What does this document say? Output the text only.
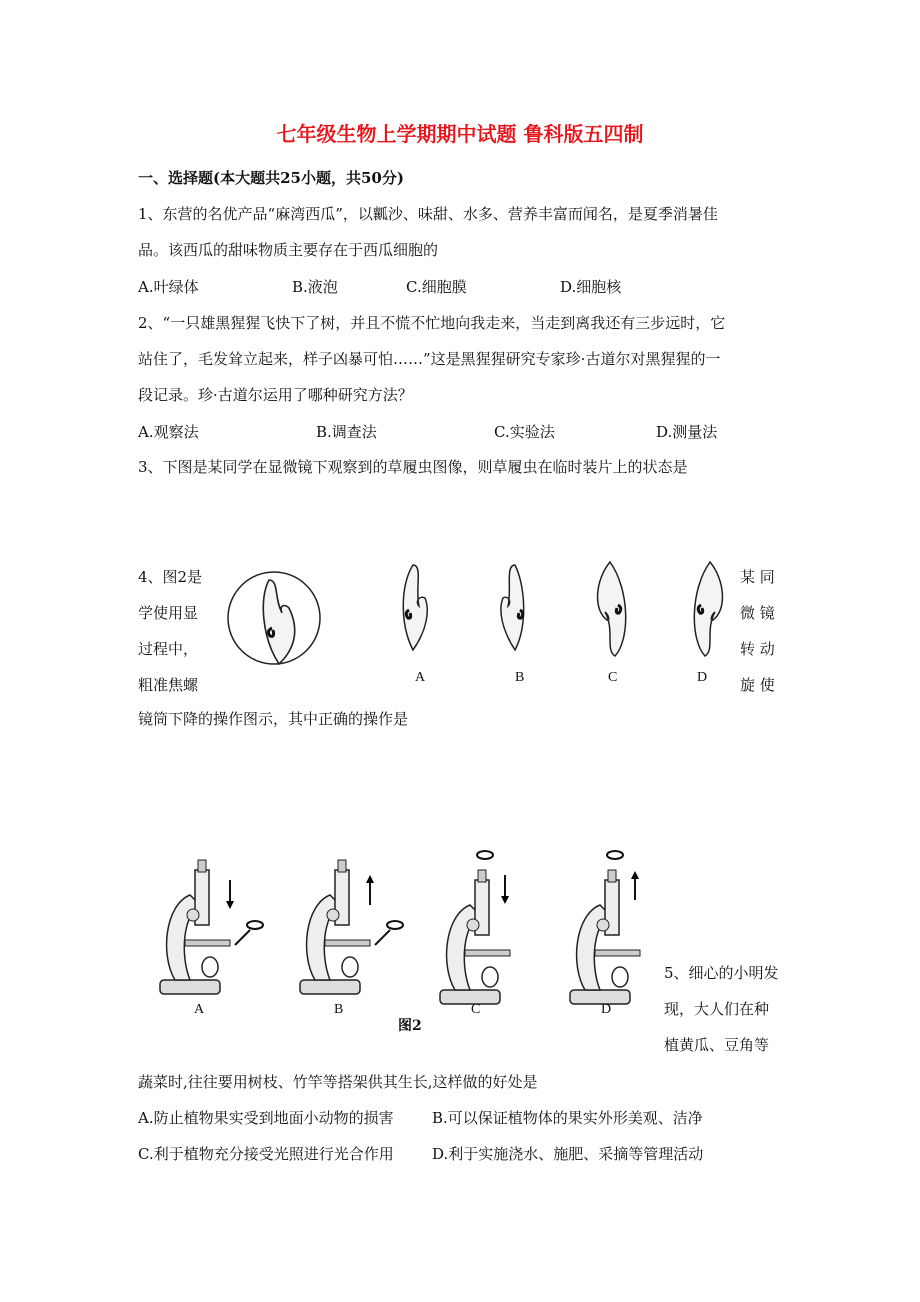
七年级生物上学期期中试题 鲁科版五四制
一、选择题(本大题共25小题，共50分)
1、东营的名优产品“麻湾西瓜”，以瓤沙、味甜、水多、营养丰富而闻名，是夏季消暑佳
品。该西瓜的甜味物质主要存在于西瓜细胞的
A.叶绿体	B.液泡	C.细胞膜	D.细胞核
2、“一只雄黑猩猩飞快下了树，并且不慌不忙地向我走来，当走到离我还有三步远时，它
站住了，毛发耸立起来，样子凶暴可怕……”这是黑猩猩研究专家珍·古道尔对黑猩猩的一
段记录。珍·古道尔运用了哪种研究方法？
A.观察法	B.调查法	C.实验法	D.测量法
3、下图是某同学在显微镜下观察到的草履虫图像，则草履虫在临时装片上的状态是
4、图2是
学使用显
过程中，
粗准焦螺
某 同
微 镜
转 动
旋 使
镜筒下降的操作图示，其中正确的操作是
A	B	C	D
A	B	C	D
图2
5、细心的小明发
现，大人们在种
植黄瓜、豆角等
蔬菜时,往往要用树枝、竹竿等搭架供其生长,这样做的好处是
A.防止植物果实受到地面小动物的损害	B.可以保证植物体的果实外形美观、洁净
C.利于植物充分接受光照进行光合作用	D.利于实施浇水、施肥、采摘等管理活动
